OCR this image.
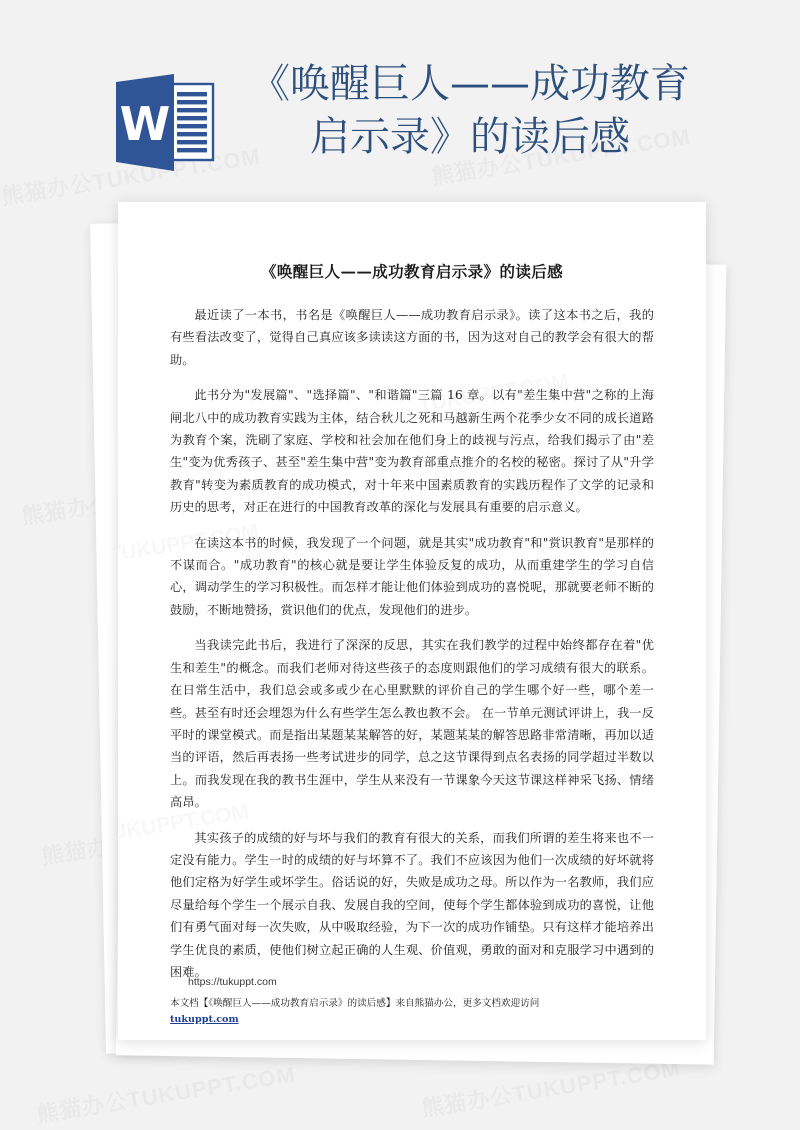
W
《唤醒巨人——成功教育启示录》的读后感
《唤醒巨人——成功教育启示录》的读后感

最近读了一本书，书名是《唤醒巨人——成功教育启示录》。读了这本书之后，我的有些看法改变了，觉得自己真应该多读读这方面的书，因为这对自己的教学会有很大的帮助。

此书分为"发展篇"、"选择篇"、"和谐篇"三篇 16 章。以有"差生集中营"之称的上海闸北八中的成功教育实践为主体，结合秋儿之死和马越新生两个花季少女不同的成长道路为教育个案，洗刷了家庭、学校和社会加在他们身上的歧视与污点，给我们揭示了由"差生"变为优秀孩子、甚至"差生集中营"变为教育部重点推介的名校的秘密。探讨了从"升学教育"转变为素质教育的成功模式，对十年来中国素质教育的实践历程作了文学的记录和历史的思考，对正在进行的中国教育改革的深化与发展具有重要的启示意义。

在读这本书的时候，我发现了一个问题，就是其实"成功教育"和"赏识教育"是那样的不谋而合。"成功教育"的核心就是要让学生体验反复的成功，从而重建学生的学习自信心，调动学生的学习积极性。而怎样才能让他们体验到成功的喜悦呢，那就要老师不断的鼓励，不断地赞扬，赏识他们的优点，发现他们的进步。

当我读完此书后，我进行了深深的反思，其实在我们教学的过程中始终都存在着"优生和差生"的概念。而我们老师对待这些孩子的态度则跟他们的学习成绩有很大的联系。在日常生活中，我们总会或多或少在心里默默的评价自己的学生哪个好一些，哪个差一些。甚至有时还会埋怨为什么有些学生怎么教也教不会。 在一节单元测试评讲上，我一反平时的课堂模式。而是指出某题某某解答的好，某题某某的解答思路非常清晰，再加以适当的评语，然后再表扬一些考试进步的同学，总之这节课得到点名表扬的同学超过半数以上。而我发现在我的教书生涯中，学生从来没有一节课象今天这节课这样神采飞扬、情绪高昂。

其实孩子的成绩的好与坏与我们的教育有很大的关系，而我们所谓的差生将来也不一定没有能力。学生一时的成绩的好与坏算不了。我们不应该因为他们一次成绩的好坏就将他们定格为好学生或坏学生。俗话说的好，失败是成功之母。所以作为一名教师，我们应尽量给每个学生一个展示自我、发展自我的空间，使每个学生都体验到成功的喜悦，让他们有勇气面对每一次失败，从中吸取经验，为下一次的成功作铺垫。只有这样才能培养出学生优良的素质，使他们树立起正确的人生观、价值观，勇敢的面对和克服学习中遇到的困难。

本文档【《唤醒巨人——成功教育启示录》的读后感】来自熊猫办公，更多文档欢迎访问
tukuppt.com
https://tukuppt.com
